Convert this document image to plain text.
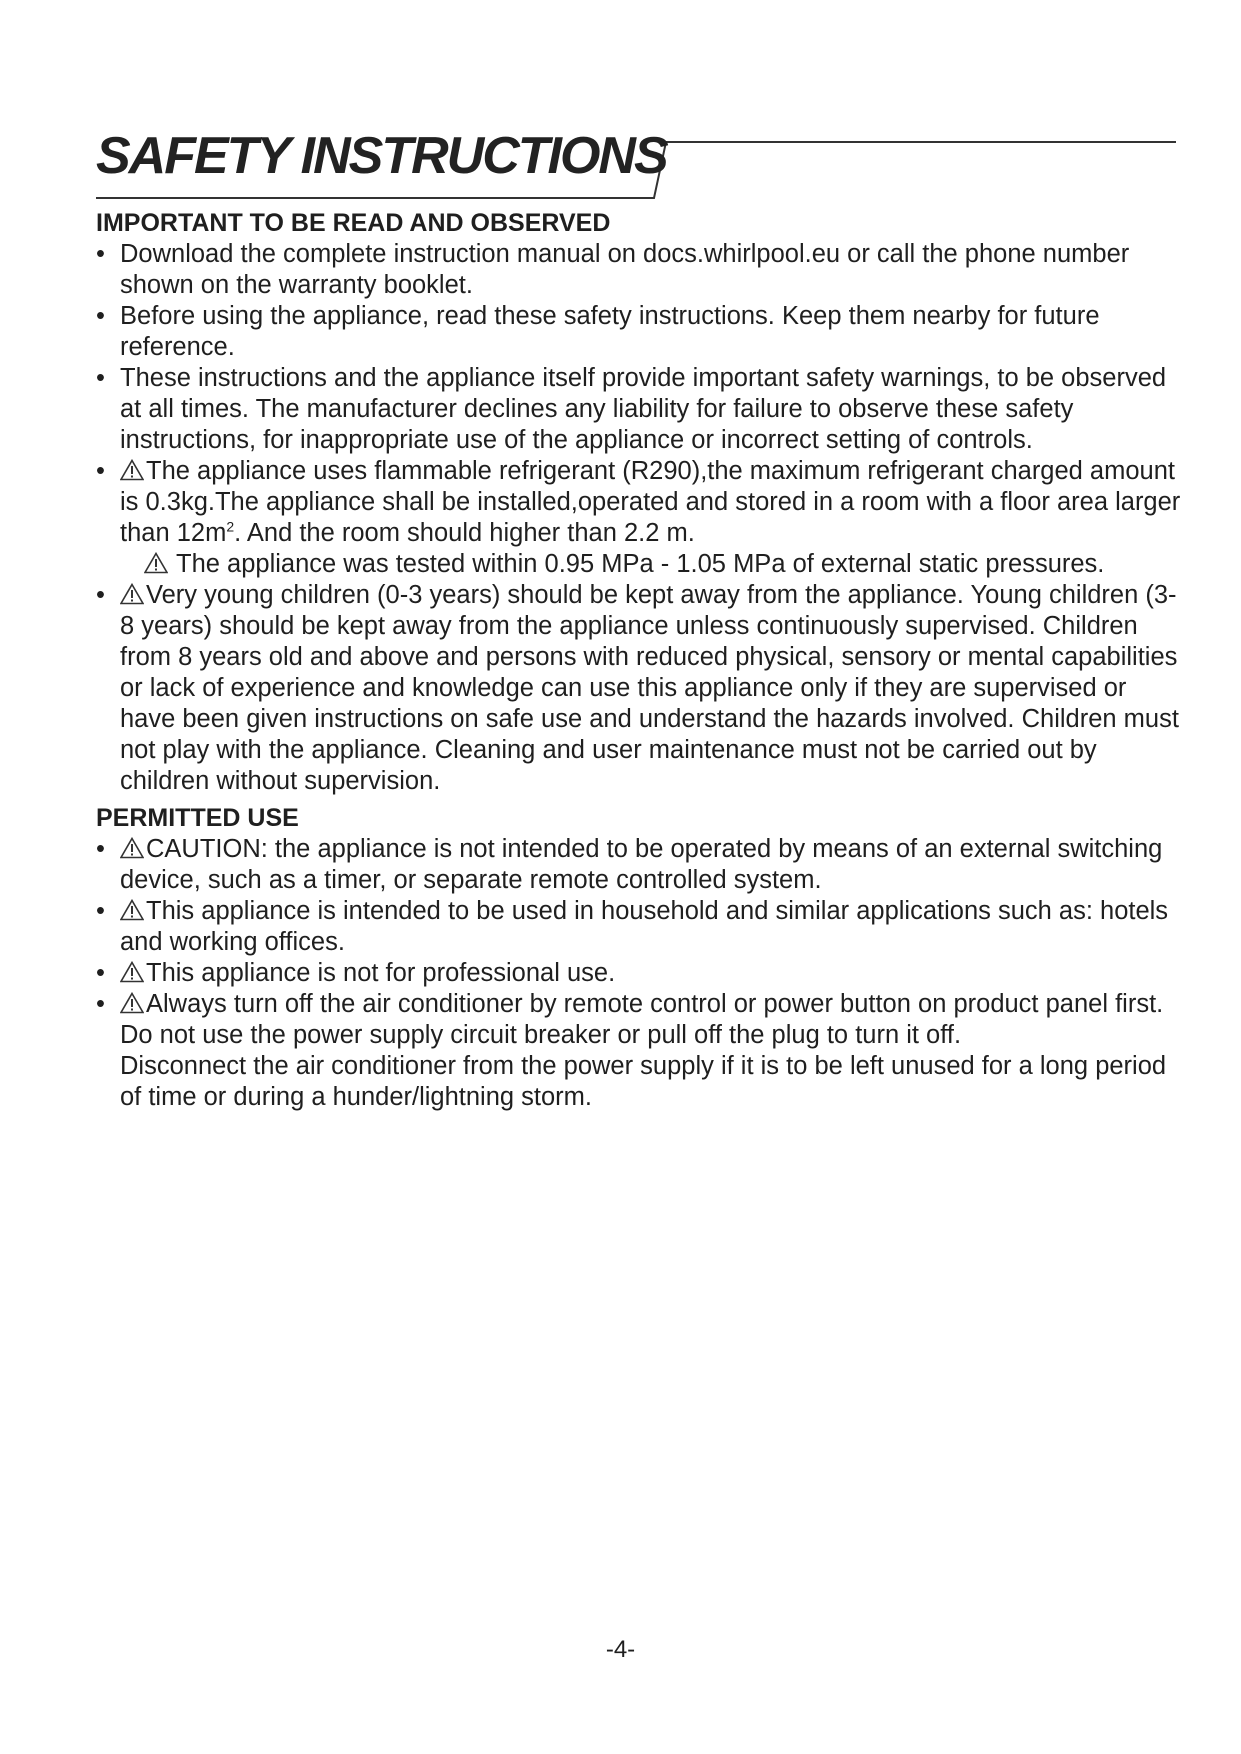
SAFETY INSTRUCTIONS
IMPORTANT TO BE READ AND OBSERVED
• Download the complete instruction manual on docs.whirlpool.eu or call the phone number shown on the warranty booklet.
• Before using the appliance, read these safety instructions. Keep them nearby for future reference.
• These instructions and the appliance itself provide important safety warnings, to be observed at all times. The manufacturer declines any liability for failure to observe these safety instructions, for inappropriate use of the appliance or incorrect setting of controls.
•	The appliance uses flammable refrigerant (R290),the maximum refrigerant charged amount is 0.3kg.The appliance shall be installed,operated and stored in a room with a floor area larger than $12m^2$. And the room should higher than 2.2 m.
The appliance was tested within 0.95 MPa - 1.05 MPa of external static pressures.
•	Very young children (0-3 years) should be kept away from the appliance. Young children (3-8 years) should be kept away from the appliance unless continuously supervised. Children from 8 years old and above and persons with reduced physical, sensory or mental capabilities or lack of experience and knowledge can use this appliance only if they are supervised or have been given instructions on safe use and understand the hazards involved. Children must not play with the appliance. Cleaning and user maintenance must not be carried out by children without supervision.
PERMITTED USE
•	CAUTION: the appliance is not intended to be operated by means of an external switching device, such as a timer, or separate remote controlled system.
•	This appliance is intended to be used in household and similar applications such as: hotels and working offices.
•	This appliance is not for professional use.
•	Always turn off the air conditioner by remote control or power button on product panel first.
Do not use the power supply circuit breaker or pull off the plug to turn it off.
Disconnect the air conditioner from the power supply if it is to be left unused for a long period of time or during a hunder/lightning storm.
-4-
